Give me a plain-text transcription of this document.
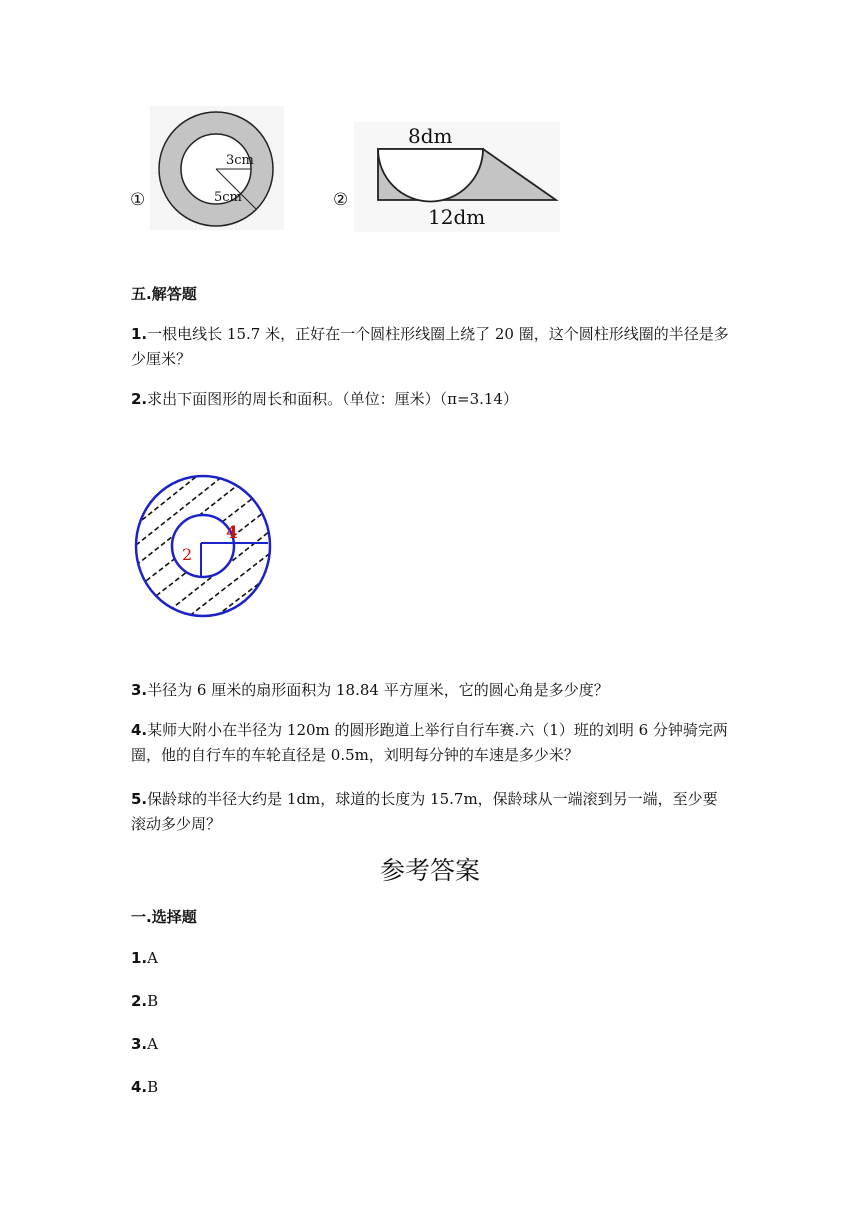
①
3cm
5cm	②
8dm
12dm
五.解答题
1.一根电线长 15.7 米，正好在一个圆柱形线圈上绕了 20 圈，这个圆柱形线圈的半径是多少厘米？
2.求出下面图形的周长和面积。（单位：厘米）（π=3.14）
2
4
3.半径为 6 厘米的扇形面积为 18.84 平方厘米，它的圆心角是多少度？
4.某师大附小在半径为 120m 的圆形跑道上举行自行车赛.六（1）班的刘明 6 分钟骑完两圈，他的自行车的车轮直径是 0.5m，刘明每分钟的车速是多少米？
5.保龄球的半径大约是 1dm，球道的长度为 15.7m，保龄球从一端滚到另一端，至少要滚动多少周？
参考答案
一.选择题
1.A
2.B
3.A
4.B
